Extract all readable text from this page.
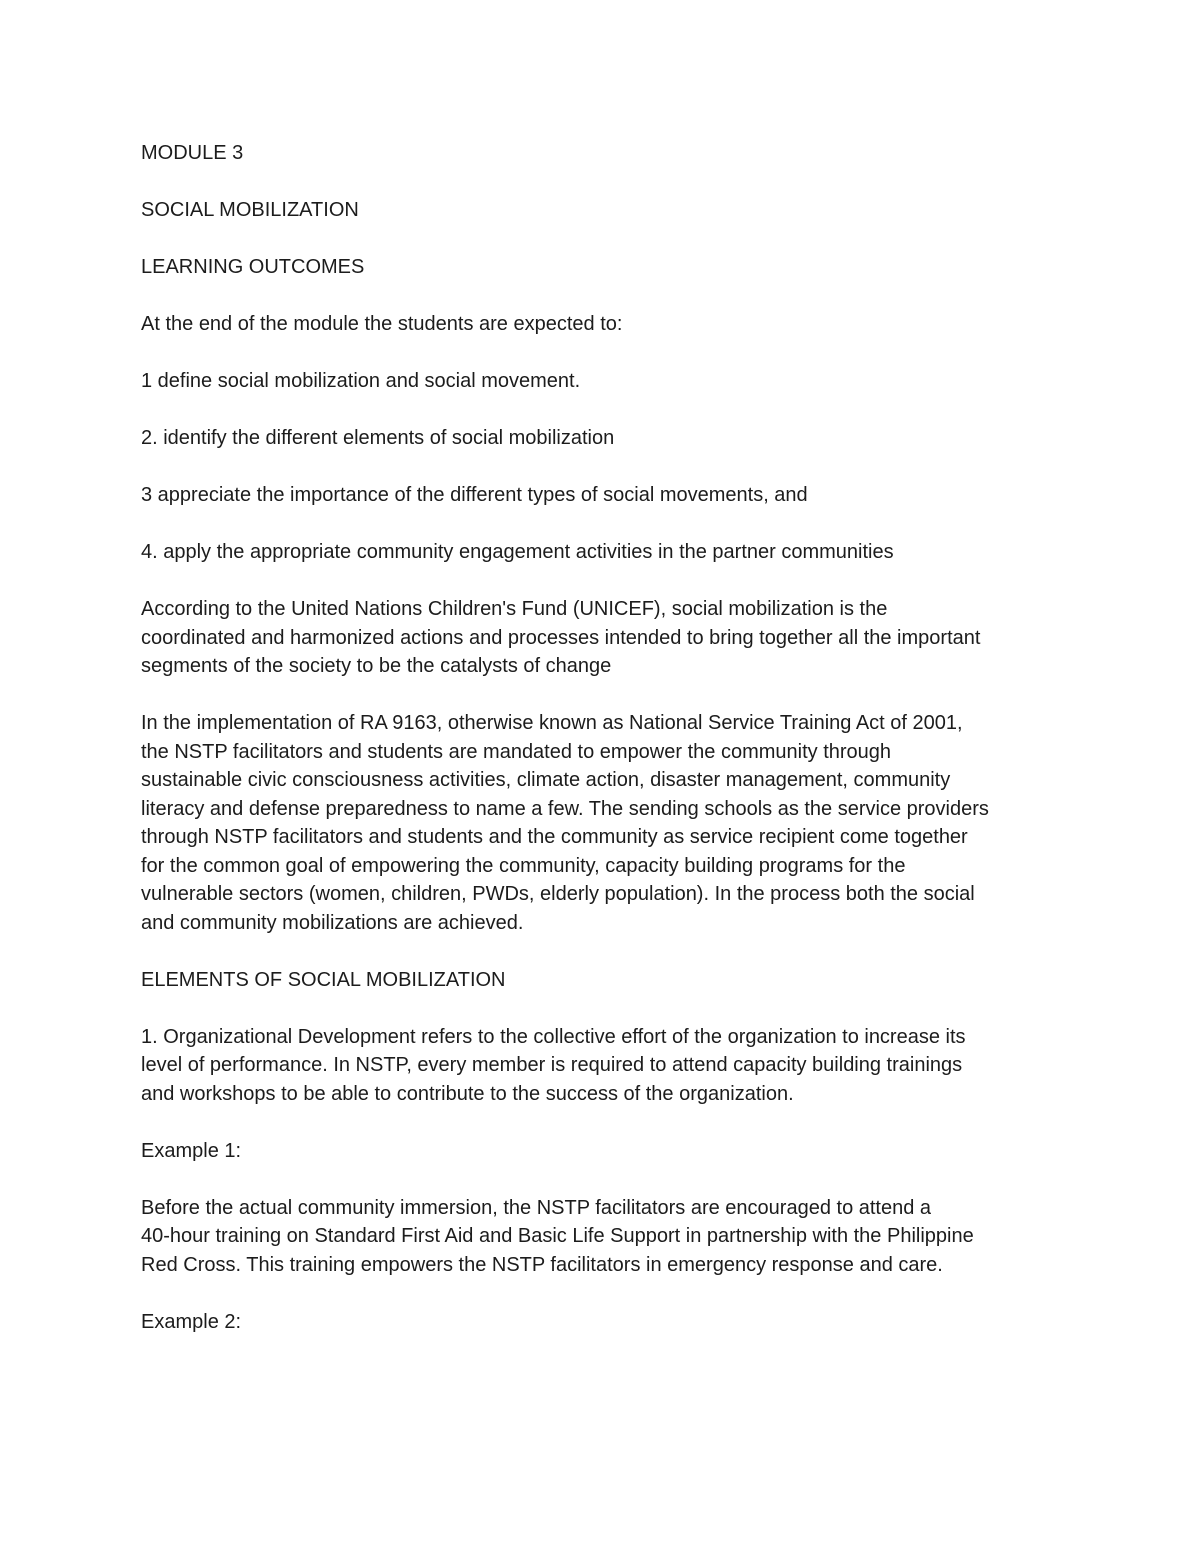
MODULE 3

SOCIAL MOBILIZATION

LEARNING OUTCOMES

At the end of the module the students are expected to:

1 define social mobilization and social movement.

2. identify the different elements of social mobilization

3 appreciate the importance of the different types of social movements, and

4. apply the appropriate community engagement activities in the partner communities

According to the United Nations Children's Fund (UNICEF), social mobilization is the
coordinated and harmonized actions and processes intended to bring together all the important
segments of the society to be the catalysts of change

In the implementation of RA 9163, otherwise known as National Service Training Act of 2001,
the NSTP facilitators and students are mandated to empower the community through
sustainable civic consciousness activities, climate action, disaster management, community
literacy and defense preparedness to name a few. The sending schools as the service providers
through NSTP facilitators and students and the community as service recipient come together
for the common goal of empowering the community, capacity building programs for the
vulnerable sectors (women, children, PWDs, elderly population). In the process both the social
and community mobilizations are achieved.

ELEMENTS OF SOCIAL MOBILIZATION

1. Organizational Development refers to the collective effort of the organization to increase its
level of performance. In NSTP, every member is required to attend capacity building trainings
and workshops to be able to contribute to the success of the organization.

Example 1:

Before the actual community immersion, the NSTP facilitators are encouraged to attend a
40-hour training on Standard First Aid and Basic Life Support in partnership with the Philippine
Red Cross. This training empowers the NSTP facilitators in emergency response and care.

Example 2:
